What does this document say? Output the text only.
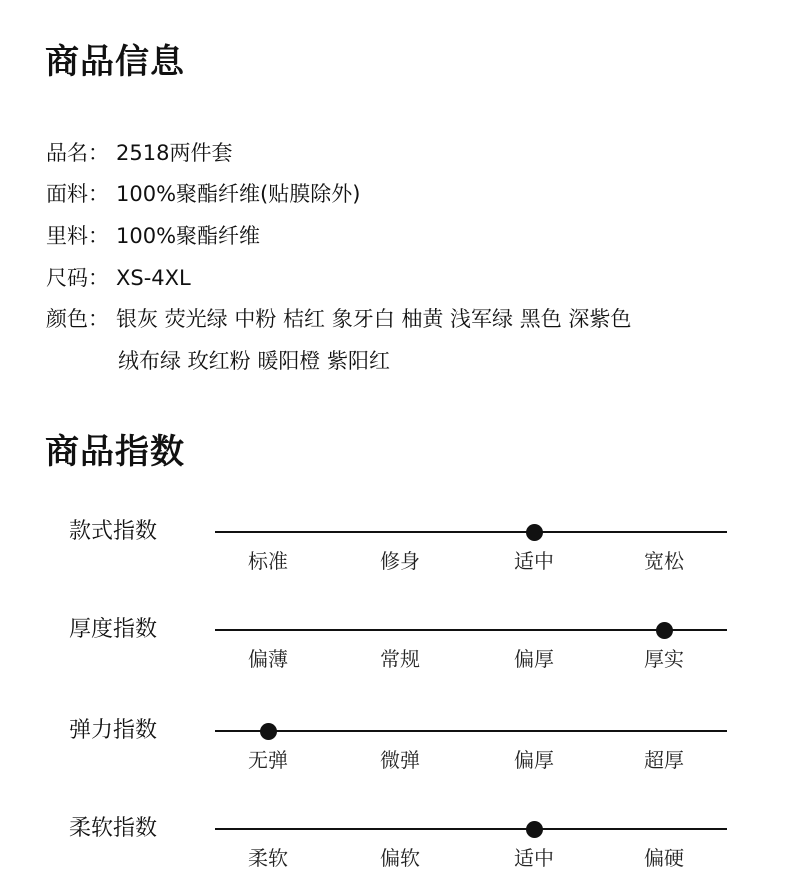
商品信息
品名： 2518两件套
面料： 100%聚酯纤维(贴膜除外)
里料： 100%聚酯纤维
尺码： XS-4XL
颜色： 银灰 荧光绿 中粉 桔红 象牙白 柚黄 浅军绿 黑色 深紫色
绒布绿 玫红粉 暖阳橙 紫阳红
商品指数
款式指数
标准	修身	适中	宽松
厚度指数
偏薄	常规	偏厚	厚实
弹力指数
无弹	微弹	偏厚	超厚
柔软指数
柔软	偏软	适中	偏硬
